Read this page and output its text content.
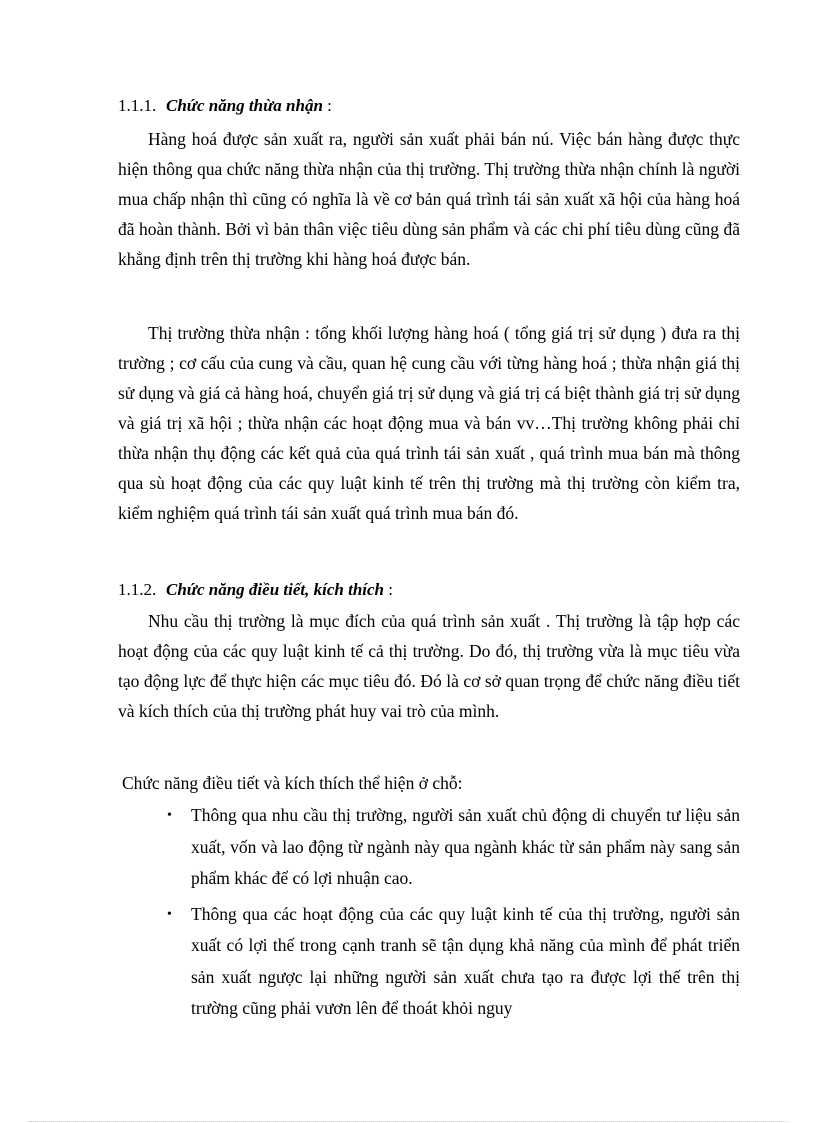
1.1.1. Chức năng thừa nhận :

Hàng hoá được sản xuất ra, người sản xuất phải bán nú. Việc bán hàng được thực hiện thông qua chức năng thừa nhận của thị trường. Thị trường thừa nhận chính là người mua chấp nhận thì cũng có nghĩa là về cơ bản quá trình tái sản xuất xã hội của hàng hoá đã hoàn thành. Bởi vì bản thân việc tiêu dùng sản phẩm và các chi phí tiêu dùng cũng đã khẳng định trên thị trường khi hàng hoá được bán.

Thị trường thừa nhận : tổng khối lượng hàng hoá ( tổng giá trị sử dụng ) đưa ra thị trường ; cơ cấu của cung và cầu, quan hệ cung cầu với từng hàng hoá ; thừa nhận giá thị sử dụng và giá cả hàng hoá, chuyển giá trị sử dụng và giá trị cá biệt thành giá trị sử dụng và giá trị xã hội ; thừa nhận các hoạt động mua và bán vv…Thị trường không phải chỉ thừa nhận thụ động các kết quả của quá trình tái sản xuất , quá trình mua bán mà thông qua sù hoạt động của các quy luật kinh tế trên thị trường mà thị trường còn kiểm tra, kiểm nghiệm quá trình tái sản xuất quá trình mua bán đó.

1.1.2. Chức năng điều tiết, kích thích :

Nhu cầu thị trường là mục đích của quá trình sản xuất . Thị trường là tập hợp các hoạt động của các quy luật kinh tế cả thị trường. Do đó, thị trường vừa là mục tiêu vừa tạo động lực để thực hiện các mục tiêu đó. Đó là cơ sở quan trọng để chức năng điều tiết và kích thích của thị trường phát huy vai trò của mình.

Chức năng điều tiết và kích thích thể hiện ở chỗ:

• Thông qua nhu cầu thị trường, người sản xuất chủ động di chuyển tư liệu sản xuất, vốn và lao động từ ngành này qua ngành khác từ sản phẩm này sang sản phẩm khác để có lợi nhuận cao.
• Thông qua các hoạt động của các quy luật kinh tế của thị trường, người sản xuất có lợi thế trong cạnh tranh sẽ tận dụng khả năng của mình để phát triển sản xuất ngược lại những người sản xuất chưa tạo ra được lợi thế trên thị trường cũng phải vươn lên để thoát khỏi nguy
